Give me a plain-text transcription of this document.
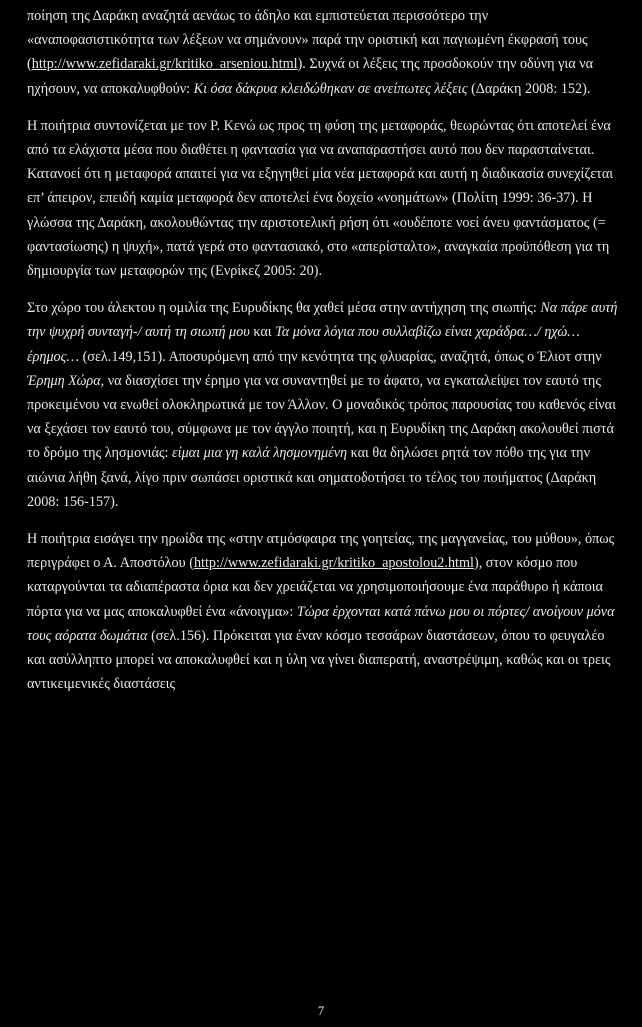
ποίηση της Δαράκη αναζητά αενάως το άδηλο και εμπιστεύεται περισσότερο την «αναποφασιστικότητα των λέξεων να σημάνουν» παρά την οριστική και παγιωμένη έκφρασή τους (http://www.zefidaraki.gr/kritiko_arseniou.html). Συχνά οι λέξεις της προσδοκούν την οδύνη για να ηχήσουν, να αποκαλυφθούν: Κι όσα δάκρυα κλειδώθηκαν σε ανείπωτες λέξεις (Δαράκη 2008: 152).

Η ποιήτρια συντονίζεται με τον P. Κενώ ως προς τη φύση της μεταφοράς, θεωρώντας ότι αποτελεί ένα από τα ελάχιστα μέσα που διαθέτει η φαντασία για να αναπαραστήσει αυτό που δεν παρασταίνεται. Κατανοεί ότι η μεταφορά απαιτεί για να εξηγηθεί μία νέα μεταφορά και αυτή η διαδικασία συνεχίζεται επ’ άπειρον, επειδή καμία μεταφορά δεν αποτελεί ένα δοχείο «νοημάτων» (Πολίτη 1999: 36-37). Η γλώσσα της Δαράκη, ακολουθώντας την αριστοτελική ρήση ότι «ουδέποτε νοεί άνευ φαντάσματος (= φαντασίωσης) η ψυχή», πατά γερά στο φαντασιακό, στο «απερίσταλτο», αναγκαία προϋπόθεση για τη δημιουργία των μεταφορών της (Ενρίκεζ 2005: 20).

Στο χώρο του άλεκτου η ομιλία της Ευρυδίκης θα χαθεί μέσα στην αντήχηση της σιωπής: Να πάρε αυτή την ψυχρή συνταγή-/ αυτή τη σιωπή μου και Τα μόνα λόγια που συλλαβίζω είναι χαράδρα…/ ηχώ… έρημος… (σελ.149,151). Αποσυρόμενη από την κενότητα της φλυαρίας, αναζητά, όπως ο Έλιοτ στην Έρημη Χώρα, να διασχίσει την έρημο για να συναντηθεί με το άφατο, να εγκαταλείψει τον εαυτό της προκειμένου να ενωθεί ολοκληρωτικά με τον Άλλον. Ο μοναδικός τρόπος παρουσίας του καθενός είναι να ξεχάσει τον εαυτό του, σύμφωνα με τον άγγλο ποιητή, και η Ευρυδίκη της Δαράκη ακολουθεί πιστά το δρόμο της λησμονιάς: είμαι μια γη καλά λησμονημένη και θα δηλώσει ρητά τον πόθο της για την αιώνια λήθη ξανά, λίγο πριν σωπάσει οριστικά και σηματοδοτήσει το τέλος του ποιήματος (Δαράκη 2008: 156-157).

Η ποιήτρια εισάγει την ηρωίδα της «στην ατμόσφαιρα της γοητείας, της μαγγανείας, του μύθου», όπως περιγράφει ο Α. Αποστόλου (http://www.zefidaraki.gr/kritiko_apostolou2.html), στον κόσμο που καταργούνται τα αδιαπέραστα όρια και δεν χρειάζεται να χρησιμοποιήσουμε ένα παράθυρο ή κάποια πόρτα για να μας αποκαλυφθεί ένα «άνοιγμα»: Τώρα έρχονται κατά πάνω μου οι πόρτες/ ανοίγουν μόνα τους αόρατα δωμάτια (σελ.156). Πρόκειται για έναν κόσμο τεσσάρων διαστάσεων, όπου το φευγαλέο και ασύλληπτο μπορεί να αποκαλυφθεί και η ύλη να γίνει διαπερατή, αναστρέψιμη, καθώς και οι τρεις αντικειμενικές διαστάσεις

7
